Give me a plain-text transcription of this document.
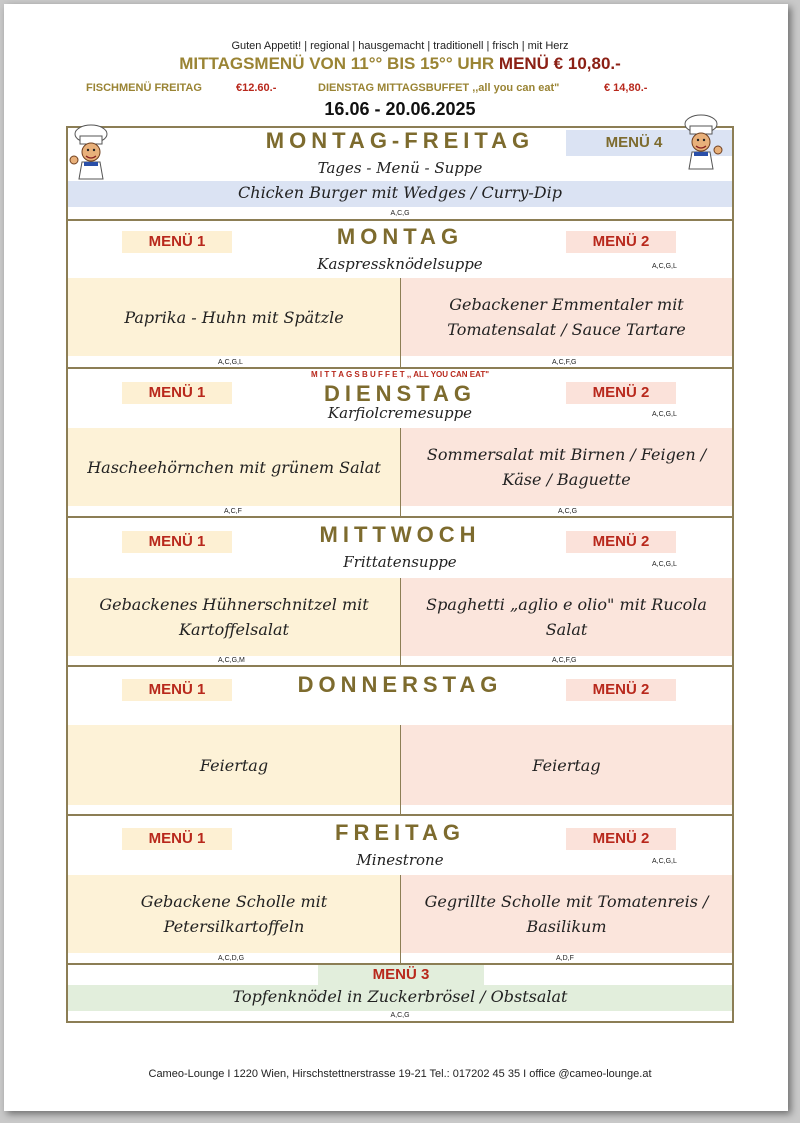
Guten Appetit! | regional | hausgemacht | traditionell | frisch | mit Herz
MITTAGSMENÜ VON 11°° BIS 15°° UHR MENÜ € 10,80.-
FISCHMENÜ FREITAG	€12.60.-	DIENSTAG MITTAGSBUFFET ,,all you can eat"	€ 14,80.-
16.06 - 20.06.2025
MENÜ 4
MONTAG-FREITAG
Tages - Menü - Suppe
Chicken Burger mit Wedges / Curry-Dip
A,C,G
MENÜ 1	MENÜ 2
MONTAG
Kaspressknödelsuppe	A,C,G,L
Paprika - Huhn mit Spätzle
Gebackener Emmentaler mit Tomatensalat / Sauce Tartare
A,C,G,L	A,C,F,G
M I T T A G S B U F F E T ,, ALL YOU CAN EAT"
MENÜ 1	MENÜ 2
DIENSTAG
Karfiolcremesuppe	A,C,G,L
Hascheehörnchen mit grünem Salat
Sommersalat mit Birnen / Feigen / Käse / Baguette
A,C,F	A,C,G
MENÜ 1	MENÜ 2
MITTWOCH
Frittatensuppe	A,C,G,L
Gebackenes Hühnerschnitzel mit Kartoffelsalat
Spaghetti „aglio e olio" mit Rucola Salat
A,C,G,M	A,C,F,G
MENÜ 1	MENÜ 2
DONNERSTAG
Feiertag	Feiertag
MENÜ 1	MENÜ 2
FREITAG
Minestrone	A,C,G,L
Gebackene Scholle mit Petersilkartoffeln
Gegrillte Scholle mit Tomatenreis / Basilikum
A,C,D,G	A,D,F
MENÜ 3
Topfenknödel in Zuckerbrösel / Obstsalat
A,C,G
Cameo-Lounge I 1220 Wien, Hirschstettnerstrasse 19-21 Tel.: 017202 45 35 I office @cameo-lounge.at
